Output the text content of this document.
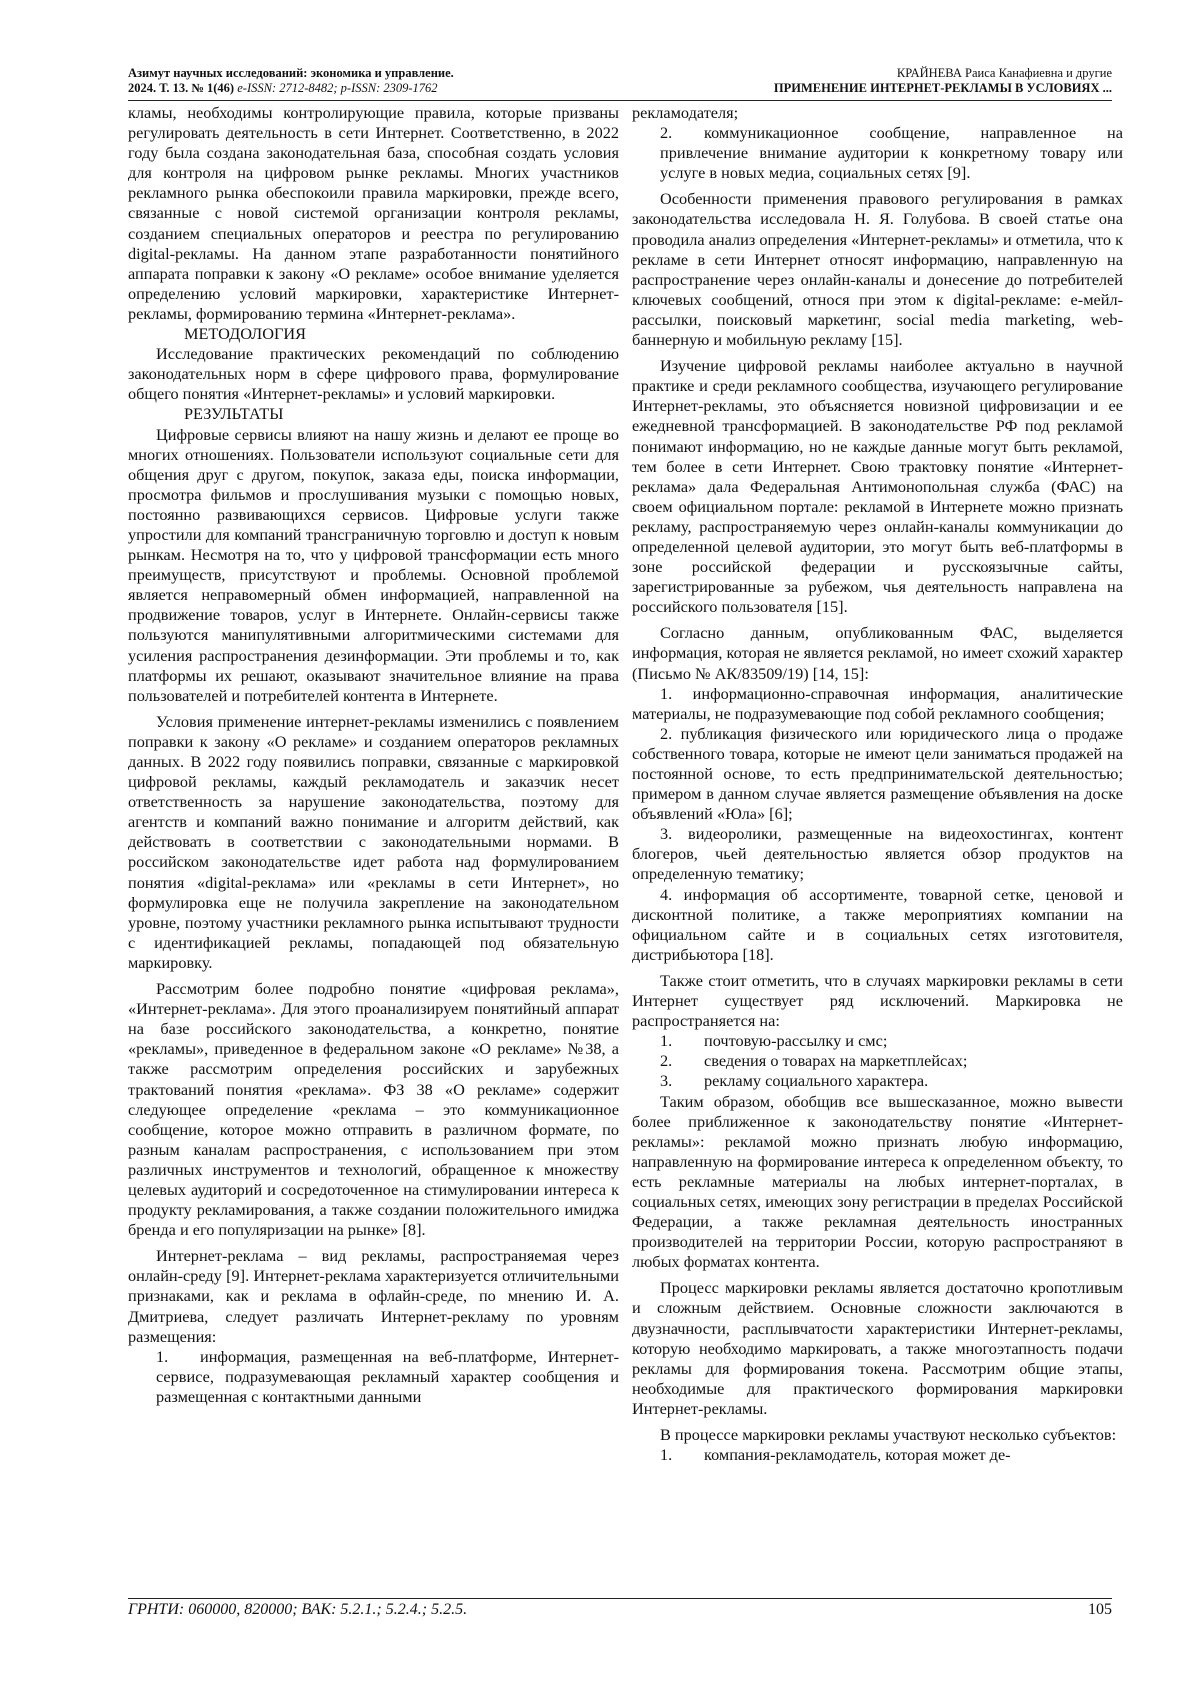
Азимут научных исследований: экономика и управление.
2024. Т. 13. № 1(46) e-ISSN: 2712-8482; p-ISSN: 2309-1762
КРАЙНЕВА Раиса Канафиевна и другие
ПРИМЕНЕНИЕ ИНТЕРНЕТ-РЕКЛАМЫ В УСЛОВИЯХ ...

кламы, необходимы контролирующие правила, которые призваны регулировать деятельность в сети Интернет. Соответственно, в 2022 году была создана законодательная база, способная создать условия для контроля на цифровом рынке рекламы. Многих участников рекламного рынка обеспокоили правила маркировки, прежде всего, связанные с новой системой организации контроля рекламы, созданием специальных операторов и реестра по регулированию digital-рекламы. На данном этапе разработанности понятийного аппарата поправки к закону «О рекламе» особое внимание уделяется определению условий маркировки, характеристике Интернет-рекламы, формированию термина «Интернет-реклама».

МЕТОДОЛОГИЯ

Исследование практических рекомендаций по соблюдению законодательных норм в сфере цифрового права, формулирование общего понятия «Интернет-рекламы» и условий маркировки.

РЕЗУЛЬТАТЫ

Цифровые сервисы влияют на нашу жизнь и делают ее проще во многих отношениях. Пользователи используют социальные сети для общения друг с другом, покупок, заказа еды, поиска информации, просмотра фильмов и прослушивания музыки с помощью новых, постоянно развивающихся сервисов. Цифровые услуги также упростили для компаний трансграничную торговлю и доступ к новым рынкам. Несмотря на то, что у цифровой трансформации есть много преимуществ, присутствуют и проблемы. Основной проблемой является неправомерный обмен информацией, направленной на продвижение товаров, услуг в Интернете. Онлайн-сервисы также пользуются манипулятивными алгоритмическими системами для усиления распространения дезинформации. Эти проблемы и то, как платформы их решают, оказывают значительное влияние на права пользователей и потребителей контента в Интернете.

Условия применение интернет-рекламы изменились с появлением поправки к закону «О рекламе» и созданием операторов рекламных данных. В 2022 году появились поправки, связанные с маркировкой цифровой рекламы, каждый рекламодатель и заказчик несет ответственность за нарушение законодательства, поэтому для агентств и компаний важно понимание и алгоритм действий, как действовать в соответствии с законодательными нормами. В российском законодательстве идет работа над формулированием понятия «digital-реклама» или «рекламы в сети Интернет», но формулировка еще не получила закрепление на законодательном уровне, поэтому участники рекламного рынка испытывают трудности с идентификацией рекламы, попадающей под обязательную маркировку.

Рассмотрим более подробно понятие «цифровая реклама», «Интернет-реклама». Для этого проанализируем понятийный аппарат на базе российского законодательства, а конкретно, понятие «рекламы», приведенное в федеральном законе «О рекламе» №38, а также рассмотрим определения российских и зарубежных трактований понятия «реклама». ФЗ 38 «О рекламе» содержит следующее определение «реклама – это коммуникационное сообщение, которое можно отправить в различном формате, по разным каналам распространения, с использованием при этом различных инструментов и технологий, обращенное к множеству целевых аудиторий и сосредоточенное на стимулировании интереса к продукту рекламирования, а также создании положительного имиджа бренда и его популяризации на рынке» [8].

Интернет-реклама – вид рекламы, распространяемая через онлайн-среду [9]. Интернет-реклама характеризуется отличительными признаками, как и реклама в офлайн-среде, по мнению И. А. Дмитриева, следует различать Интернет-рекламу по уровням размещения:

1. информация, размещенная на веб-платформе, Интернет-сервисе, подразумевающая рекламный характер сообщения и размещенная с контактными данными

рекламодателя;

2. коммуникационное сообщение, направленное на привлечение внимание аудитории к конкретному товару или услуге в новых медиа, социальных сетях [9].

Особенности применения правового регулирования в рамках законодательства исследовала Н. Я. Голубова. В своей статье она проводила анализ определения «Интернет-рекламы» и отметила, что к рекламе в сети Интернет относят информацию, направленную на распространение через онлайн-каналы и донесение до потребителей ключевых сообщений, относя при этом к digital-рекламе: е-мейл-рассылки, поисковый маркетинг, social media marketing, web-баннерную и мобильную рекламу [15].

Изучение цифровой рекламы наиболее актуально в научной практике и среди рекламного сообщества, изучающего регулирование Интернет-рекламы, это объясняется новизной цифровизации и ее ежедневной трансформацией. В законодательстве РФ под рекламой понимают информацию, но не каждые данные могут быть рекламой, тем более в сети Интернет. Свою трактовку понятие «Интернет-реклама» дала Федеральная Антимонопольная служба (ФАС) на своем официальном портале: рекламой в Интернете можно признать рекламу, распространяемую через онлайн-каналы коммуникации до определенной целевой аудитории, это могут быть веб-платформы в зоне российской федерации и русскоязычные сайты, зарегистрированные за рубежом, чья деятельность направлена на российского пользователя [15].

Согласно данным, опубликованным ФАС, выделяется информация, которая не является рекламой, но имеет схожий характер (Письмо № АК/83509/19) [14, 15]:

1. информационно-справочная информация, аналитические материалы, не подразумевающие под собой рекламного сообщения;

2. публикация физического или юридического лица о продаже собственного товара, которые не имеют цели заниматься продажей на постоянной основе, то есть предпринимательской деятельностью; примером в данном случае является размещение объявления на доске объявлений «Юла» [6];

3. видеоролики, размещенные на видеохостингах, контент блогеров, чьей деятельностью является обзор продуктов на определенную тематику;

4. информация об ассортименте, товарной сетке, ценовой и дисконтной политике, а также мероприятиях компании на официальном сайте и в социальных сетях изготовителя, дистрибьютора [18].

Также стоит отметить, что в случаях маркировки рекламы в сети Интернет существует ряд исключений. Маркировка не распространяется на:

1. почтовую-рассылку и смс;

2. сведения о товарах на маркетплейсах;

3. рекламу социального характера.

Таким образом, обобщив все вышесказанное, можно вывести более приближенное к законодательству понятие «Интернет-рекламы»: рекламой можно признать любую информацию, направленную на формирование интереса к определенном объекту, то есть рекламные материалы на любых интернет-порталах, в социальных сетях, имеющих зону регистрации в пределах Российской Федерации, а также рекламная деятельность иностранных производителей на территории России, которую распространяют в любых форматах контента.

Процесс маркировки рекламы является достаточно кропотливым и сложным действием. Основные сложности заключаются в двузначности, расплывчатости характеристики Интернет-рекламы, которую необходимо маркировать, а также многоэтапность подачи рекламы для формирования токена. Рассмотрим общие этапы, необходимые для практического формирования маркировки Интернет-рекламы.

В процессе маркировки рекламы участвуют несколько субъектов:

1. компания-рекламодатель, которая может де-

ГРНТИ: 060000, 820000; ВАК: 5.2.1.; 5.2.4.; 5.2.5.	105
